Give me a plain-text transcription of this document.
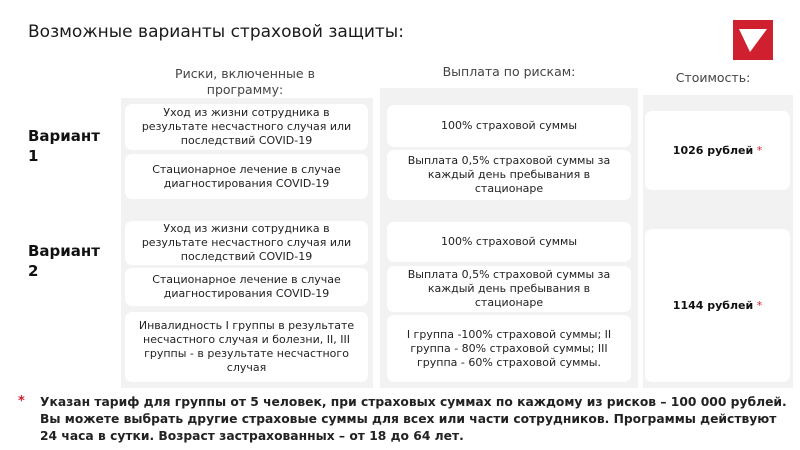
Возможные варианты страховой защиты:
Риски, включенные в программу:
Выплата по рискам:	Стоимость:
Вариант 1
Вариант 2
Уход из жизни сотрудника в результате несчастного случая или последствий COVID-19
Стационарное лечение в случае диагностирования COVID-19
100% страховой суммы
Выплата 0,5% страховой суммы за каждый день пребывания в стационаре
1026 рублей
*
Уход из жизни сотрудника в результате несчастного случая или последствий COVID-19
Стационарное лечение в случае диагностирования COVID-19
Инвалидность I группы в результате несчастного случая и болезни, II, III группы - в результате несчастного случая
100% страховой суммы
Выплата 0,5% страховой суммы за каждый день пребывания в стационаре
I группа -100% страховой суммы; II группа - 80% страховой суммы; III группа - 60% страховой суммы.
1144 рублей
*
* Указан тариф для группы от 5 человек, при страховых суммах по каждому из рисков – 100 000 рублей. Вы можете выбрать другие страховые суммы для всех или части сотрудников. Программы действуют 24 часа в сутки. Возраст застрахованных – от 18 до 64 лет.
